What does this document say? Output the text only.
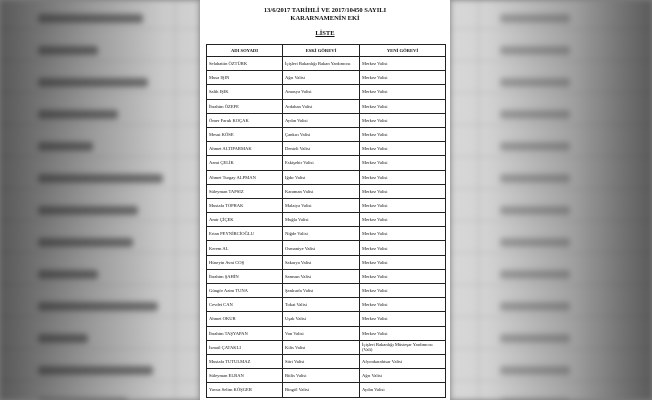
13/6/2017 TARİHLİ VE 2017/10450 SAYILI
KARARNAMENİN EKİ
LİSTE
ADI SOYADI	ESKİ GÖREVİ	YENİ GÖREVİ
Selahattin ÖZTÜRK	İçişleri Bakanlığı Bakan Yardımcısı	Merkez Valisi
Musa IŞIN	Ağrı Valisi	Merkez Valisi
Salih IŞIK	Amasya Valisi	Merkez Valisi
İbrahim ÖZEFE	Ardahan Valisi	Merkez Valisi
Ömer Faruk KOÇAK	Aydın Valisi	Merkez Valisi
Mesut KÖSE	Çankırı Valisi	Merkez Valisi
Ahmet ALTIPARMAK	Denizli Valisi	Merkez Valisi
Azmi ÇELİK	Eskişehir Valisi	Merkez Valisi
Ahmet Turgay ALPMAN	Iğdır Valisi	Merkez Valisi
Süleyman TAPSIZ	Karaman Valisi	Merkez Valisi
Mustafa TOPRAK	Malatya Valisi	Merkez Valisi
Amir ÇİÇEK	Muğla Valisi	Merkez Valisi
Ertan PEYNİRCİOĞLU	Niğde Valisi	Merkez Valisi
Kerem AL	Osmaniye Valisi	Merkez Valisi
Hüseyin Avni COŞ	Sakarya Valisi	Merkez Valisi
İbrahim ŞAHİN	Samsun Valisi	Merkez Valisi
Güngör Azim TUNA	Şanlıurfa Valisi	Merkez Valisi
Cevdet CAN	Tokat Valisi	Merkez Valisi
Ahmet OKUR	Uşak Valisi	Merkez Valisi
İbrahim TAŞYAPAN	Van Valisi	Merkez Valisi
İsmail ÇATAKLI	Kilis Valisi	İçişleri Bakanlığı Müsteşar Yardımcısı (Vali)
Mustafa TUTULMAZ	Siirt Valisi	Afyonkarahisar Valisi
Süleyman ELBAN	Bitlis Valisi	Ağrı Valisi
Yavuz Selim KÖŞGER	Bingöl Valisi	Aydın Valisi
